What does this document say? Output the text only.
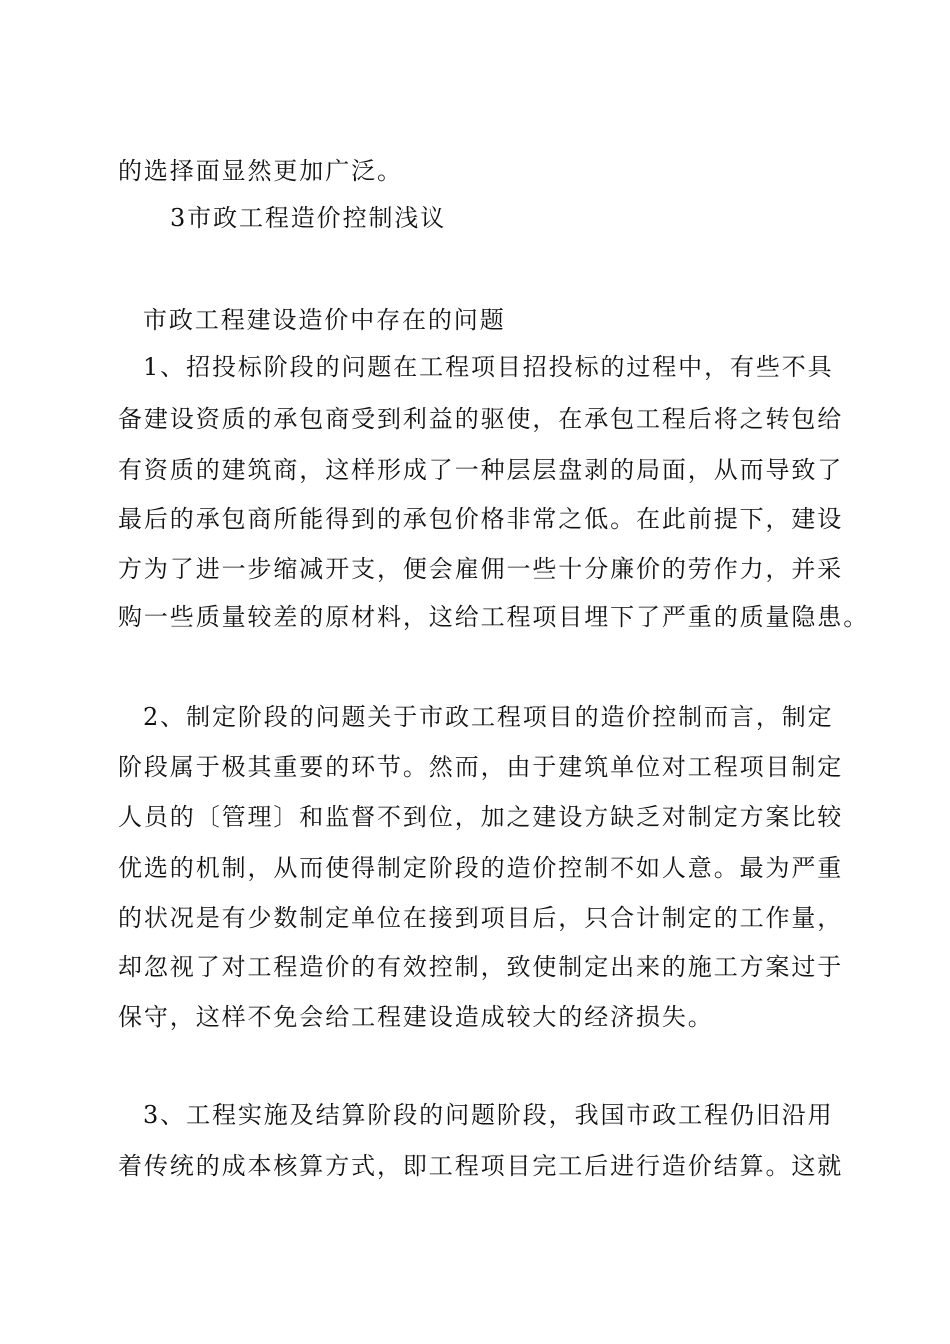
的选择面显然更加广泛。
3市政工程造价控制浅议
市政工程建设造价中存在的问题
1、招投标阶段的问题在工程项目招投标的过程中，有些不具
备建设资质的承包商受到利益的驱使，在承包工程后将之转包给
有资质的建筑商，这样形成了一种层层盘剥的局面，从而导致了
最后的承包商所能得到的承包价格非常之低。在此前提下，建设
方为了进一步缩减开支，便会雇佣一些十分廉价的劳作力，并采
购一些质量较差的原材料，这给工程项目埋下了严重的质量隐患。
2、制定阶段的问题关于市政工程项目的造价控制而言，制定
阶段属于极其重要的环节。然而，由于建筑单位对工程项目制定
人员的〔管理〕和监督不到位，加之建设方缺乏对制定方案比较
优选的机制，从而使得制定阶段的造价控制不如人意。最为严重
的状况是有少数制定单位在接到项目后，只合计制定的工作量，
却忽视了对工程造价的有效控制，致使制定出来的施工方案过于
保守，这样不免会给工程建设造成较大的经济损失。
3、工程实施及结算阶段的问题阶段，我国市政工程仍旧沿用
着传统的成本核算方式，即工程项目完工后进行造价结算。这就
